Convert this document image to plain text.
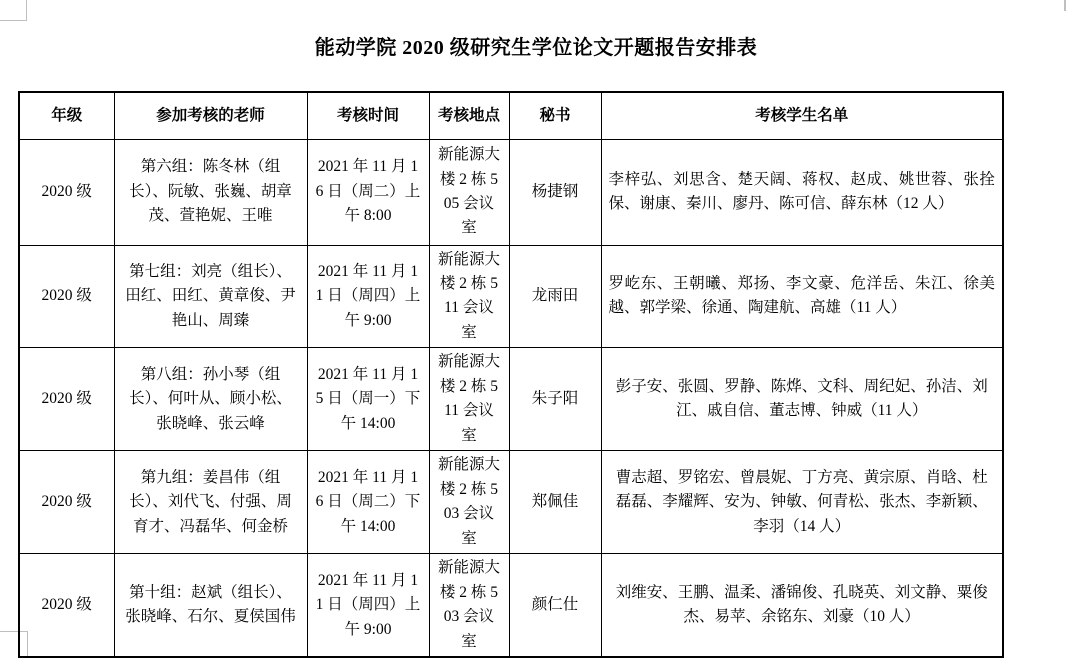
能动学院 2020 级研究生学位论文开题报告安排表
年级	参加考核的老师	考核时间	考核地点	秘书	考核学生名单
2020 级	第六组：陈冬林（组长）、阮敏、张巍、胡章茂、萱艳妮、王唯	2021 年 11 月 16 日（周二）上午 8:00	新能源大楼 2 栋 505 会议室	杨捷钢	李梓弘、刘思含、楚天阔、蒋权、赵成、姚世蓉、张拴保、谢康、秦川、廖丹、陈可信、薛东林（12 人）
2020 级	第七组：刘亮（组长）、田红、田红、黄章俊、尹艳山、周臻	2021 年 11 月 11 日（周四）上午 9:00	新能源大楼 2 栋 511 会议室	龙雨田	罗屹东、王朝曦、郑扬、李文豪、危洋岳、朱江、徐美越、郭学梁、徐通、陶建航、高雄（11 人）
2020 级	第八组：孙小琴（组长）、何叶从、顾小松、张晓峰、张云峰	2021 年 11 月 15 日（周一）下午 14:00	新能源大楼 2 栋 511 会议室	朱子阳	彭子安、张圆、罗静、陈烨、文科、周纪妃、孙洁、刘江、戚自信、董志博、钟威（11 人）
2020 级	第九组：姜昌伟（组长）、刘代飞、付强、周育才、冯磊华、何金桥	2021 年 11 月 16 日（周二）下午 14:00	新能源大楼 2 栋 503 会议室	郑佩佳	曹志超、罗铭宏、曾晨妮、丁方亮、黄宗原、肖晗、杜磊磊、李耀辉、安为、钟敏、何青松、张杰、李新颖、李羽（14 人）
2020 级	第十组：赵斌（组长）、张晓峰、石尔、夏侯国伟	2021 年 11 月 11 日（周四）上午 9:00	新能源大楼 2 栋 503 会议室	颜仁仕	刘维安、王鹏、温柔、潘锦俊、孔晓英、刘文静、粟俊杰、易苹、余铭东、刘豪（10 人）
